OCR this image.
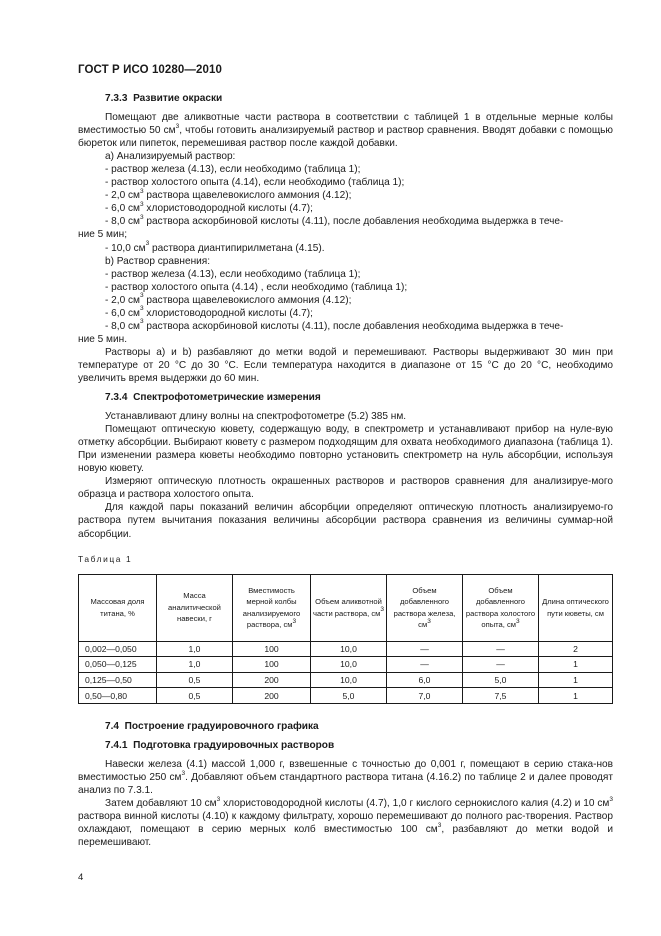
ГОСТ Р ИСО 10280—2010

7.3.3 Развитие окраски

Помещают две аликвотные части раствора в соответствии с таблицей 1 в отдельные мерные колбы вместимостью 50 $см^3$, чтобы готовить анализируемый раствор и раствор сравнения. Вводят добавки с помощью бюреток или пипеток, перемешивая раствор после каждой добавки.

a) Анализируемый раствор:

- раствор железа (4.13), если необходимо (таблица 1);

- раствор холостого опыта (4.14), если необходимо (таблица 1);

- 2,0 $см^3$ раствора щавелевокислого аммония (4.12);

- 6,0 $см^3$ хлористоводородной кислоты (4.7);

- 8,0 $см^3$ раствора аскорбиновой кислоты (4.11), после добавления необходима выдержка в тече-

ние 5 мин;

- 10,0 $см^3$ раствора диантипирилметана (4.15).

b) Раствор сравнения:

- раствор железа (4.13), если необходимо (таблица 1);

- раствор холостого опыта (4.14) , если необходимо (таблица 1);

- 2,0 $см^3$ раствора щавелевокислого аммония (4.12);

- 6,0 $см^3$ хлористоводородной кислоты (4.7);

- 8,0 $см^3$ раствора аскорбиновой кислоты (4.11), после добавления необходима выдержка в тече-

ние 5 мин.

Растворы a) и b) разбавляют до метки водой и перемешивают. Растворы выдерживают 30 мин при температуре от 20 °C до 30 °C. Если температура находится в диапазоне от 15 °C до 20 °C, необходимо увеличить время выдержки до 60 мин.

7.3.4 Спектрофотометрические измерения

Устанавливают длину волны на спектрофотометре (5.2) 385 нм.

Помещают оптическую кювету, содержащую воду, в спектрометр и устанавливают прибор на нуле-вую отметку абсорбции. Выбирают кювету с размером подходящим для охвата необходимого диапазона (таблица 1). При изменении размера кюветы необходимо повторно установить спектрометр на нуль абсорбции, используя новую кювету.

Измеряют оптическую плотность окрашенных растворов и растворов сравнения для анализируе-мого образца и раствора холостого опыта.

Для каждой пары показаний величин абсорбции определяют оптическую плотность анализируемо-го раствора путем вычитания показания величины абсорбции раствора сравнения из величины суммар-ной абсорбции.

Таблица 1

Массовая доля титана, %	Масса аналитической навески, г	Вместимость мерной колбы анализируемого раствора, $см^3$	Объем аликвотной части раствора, $см^3$	Объем добавленного раствора железа, $см^3$	Объем добавленного раствора холостого опыта, $см^3$	Длина оптического пути кюветы, см
0,002—0,050	1,0	100	10,0	—	—	2
0,050—0,125	1,0	100	10,0	—	—	1
0,125—0,50	0,5	200	10,0	6,0	5,0	1
0,50—0,80	0,5	200	5,0	7,0	7,5	1

7.4 Построение градуировочного графика

7.4.1 Подготовка градуировочных растворов

Навески железа (4.1) массой 1,000 г, взвешенные с точностью до 0,001 г, помещают в серию стака-нов вместимостью 250 $см^3$. Добавляют объем стандартного раствора титана (4.16.2) по таблице 2 и далее проводят анализ по 7.3.1.

Затем добавляют 10 $см^3$ хлористоводородной кислоты (4.7), 1,0 г кислого сернокислого калия (4.2) и 10 $см^3$ раствора винной кислоты (4.10) к каждому фильтрату, хорошо перемешивают до полного рас-творения. Раствор охлаждают, помещают в серию мерных колб вместимостью 100 $см^3$, разбавляют до метки водой и перемешивают.

4
